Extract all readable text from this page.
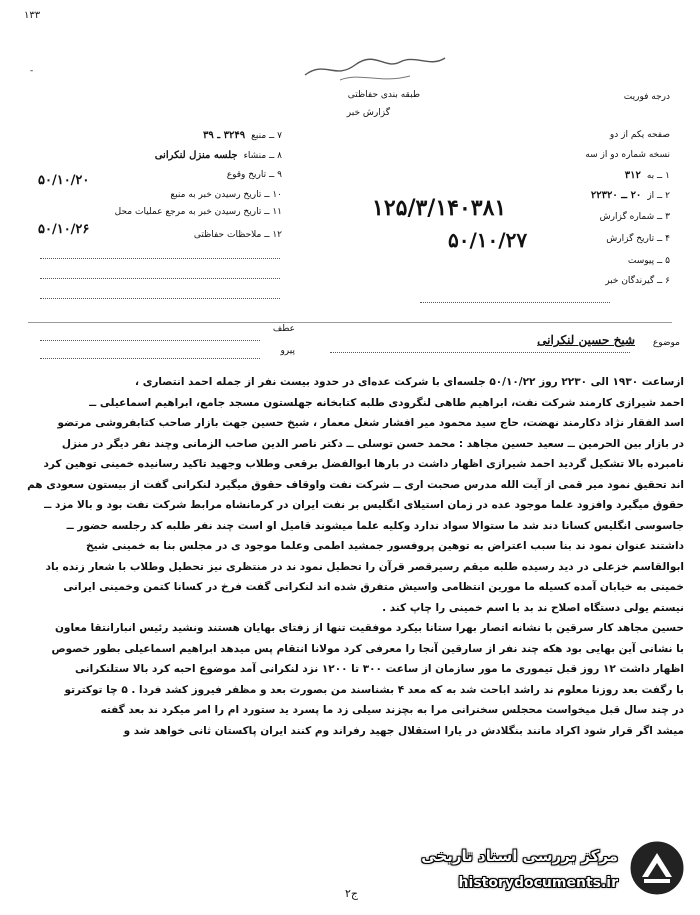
۱۳۳
-
طبقه بندی حفاظتی
گزارش خبر
درجه فوریت
۷ ــ منبع
۳۲۴۹ ـ ۳۹
۸ ــ منشاء
جلسه منزل لنکرانی
۹ ــ تاریخ وقوع
۵۰/۱۰/۲۰
۱۰ ــ تاریخ رسیدن خبر به منبع
۱۱ ــ تاریخ رسیدن خبر به مرجع عملیات محل
۵۰/۱۰/۲۶	۱۲ ــ ملاحظات حفاظتی
صفحه یکم از دو
نسخه شماره دو از سه
۱ ــ به
۳۱۲
۲ ــ از
۲۰ ــ ۲۲۳۲۰
۳ ــ شماره گزارش
۱۲۵/۳/۱۴۰۳۸۱
۴ ــ تاریخ گزارش
۵۰/۱۰/۲۷
۵ ــ پیوست
۶ ــ گیرندگان خبر
عطف
پیرو
موضوع
شیخ حسین لنکرانی
ازساعت ۱۹۳۰ الی ۲۲۳۰ روز ۵۰/۱۰/۲۲ جلسه‌ای با شرکت عده‌ای در حدود بیست نفر از جمله احمد انتصاری ،
احمد شیرازی کارمند شرکت نفت، ابراهیم طاهی لنگرودی طلبه کتابخانه جهلستون مسجد جامع، ابراهیم اسماعیلی ــ
اسد الفقار نژاد دکارمند نهضت، حاج سید محمود میر افشار شغل معمار ، شیخ حسین جهت بازار صاحب کتابفروشی مرتضو
در بازار بین الحرمین ــ سعید حسین مجاهد : محمد حسن توسلی ــ دکتر ناصر الدین صاحب الزمانی وچند نفر دیگر در منزل
نامبرده بالا تشکیل گردید احمد شیرازی اظهار داشت در بارها ابوالفضل برقعی وطلاب وجهید تاکید رسانیده خمینی توهین کرد
اند تحقیق نمود میر قمی از آیت الله مدرس صحبت اری ــ شرکت نفت واوقاف حقوق میگیرد لنکرانی گفت از بیستون سعودی هم
حقوق میگیرد وافزود علما موجود عده در زمان استیلای انگلیس بر نفت ایران در کرمانشاه مرابط شرکت نفت بود و بالا مزد ــ
جاسوسی انگلیس کسانا دند شد ما ستوالا سواد ندارد وکلیه علما میشوند قامیل او است چند نفر طلبه کد رجلسه حضور ــ
داشتند عنوان نمود ند بنا سبب اعتراض به توهین پروفسور جمشید اطمی وعلما موجود ی در مجلس بنا به خمینی شیخ
ابوالقاسم خزعلی در دید رسیده طلبه میقم رسیرقصر قرآن را تحطیل نمود ند در منتظری نیز تحطیل وطلاب با شعار زنده باد
خمینی به خیابان آمده کسیله ما مورین انتظامی واسیش متفرق شده اند لنکرانی گفت فرخ در کسانا کتمن وخمینی ایرانی
نیستم یولی دستگاه اصلاح ند بد با اسم خمینی را چاپ کند .
حسین مجاهد کار سرقین با نشانه اتصار بهرا ستانا بیکرد موفقیت تنها از زفتای بهایان هستند ونشید رئیس انبارانتقا معاون
با نشانی آین بهایی بود هکه چند نفر از سارقین آنجا را معرفی کرد مولانا انتقام پس میدهد ابراهیم اسماعیلی بطور خصوص
اظهار داشت ۱۲ روز قبل تیموری ما مور سازمان از ساعت ۳۰۰ تا ۱۲۰۰ نزد لنکرانی آمد موضوع احبه کرد بالا ستلنکرانی
با رگفت بعد روزنا معلوم ند راشد اباحت شد به که معد ۴ بشناسند من بصورت بعد و مظفر فیروز کشد فردا . ۵ چا توکترتو
در چند سال قبل میخواست محجلس سخنرانی مرا به بچزند سیلی زد ما پسرد ید ستورد ام را امر میکرد ند بعد گفته
میشد اگر قرار شود اکراد مانند بنگلادش در یارا استقلال جهید رفراند وم کنند ایران پاکستان ثانی خواهد شد و
ج۲
مرکز بررسی اسناد تاریخی
historydocuments.ir
